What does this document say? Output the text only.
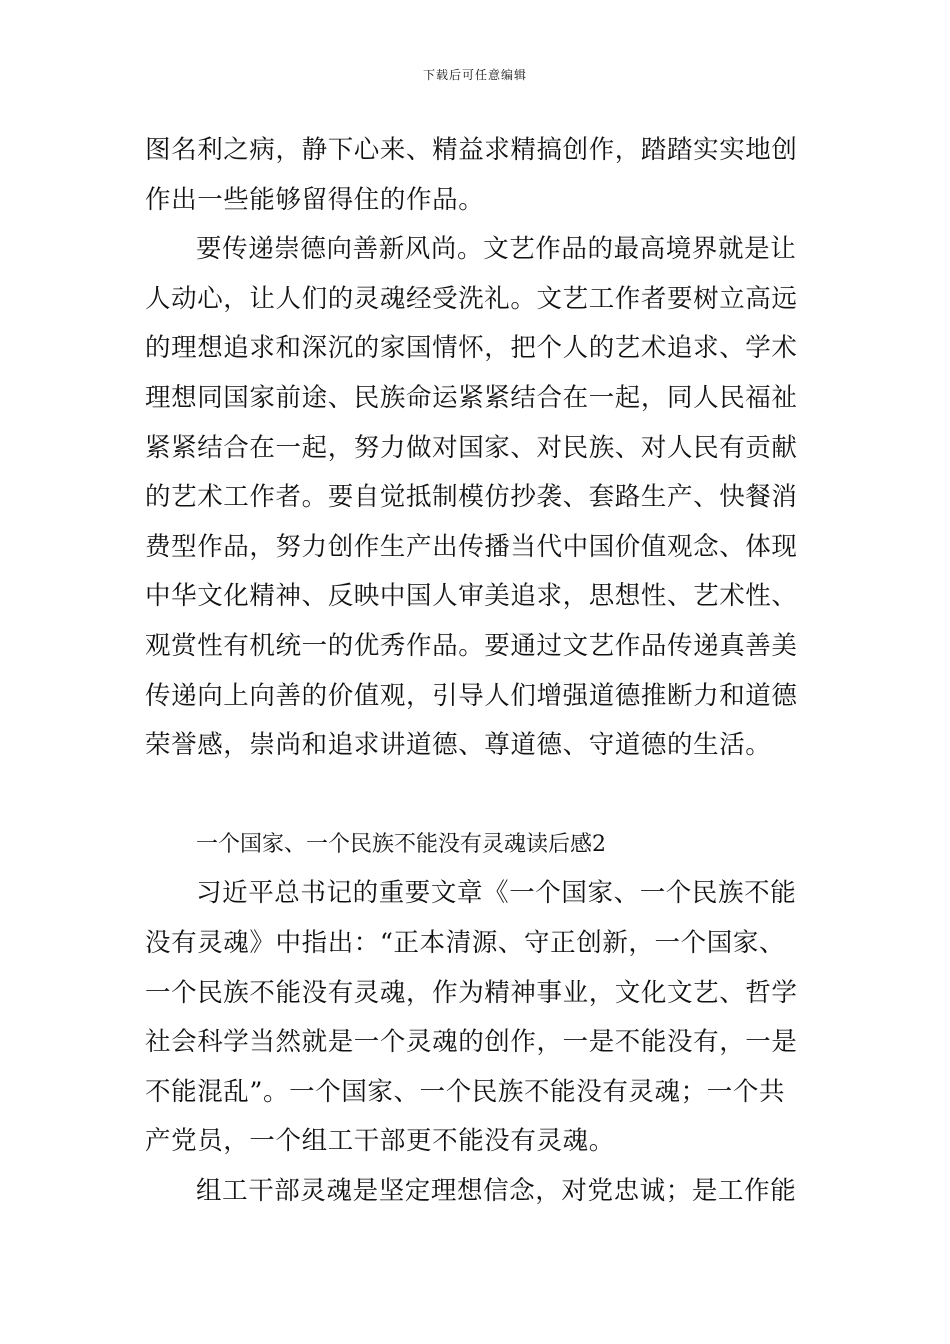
下载后可任意编辑
图名利之病，静下心来、精益求精搞创作，踏踏实实地创
作出一些能够留得住的作品。
要传递崇德向善新风尚。文艺作品的最高境界就是让
人动心，让人们的灵魂经受洗礼。文艺工作者要树立高远
的理想追求和深沉的家国情怀，把个人的艺术追求、学术
理想同国家前途、民族命运紧紧结合在一起，同人民福祉
紧紧结合在一起，努力做对国家、对民族、对人民有贡献
的艺术工作者。要自觉抵制模仿抄袭、套路生产、快餐消
费型作品，努力创作生产出传播当代中国价值观念、体现
中华文化精神、反映中国人审美追求，思想性、艺术性、
观赏性有机统一的优秀作品。要通过文艺作品传递真善美
传递向上向善的价值观，引导人们增强道德推断力和道德
荣誉感，崇尚和追求讲道德、尊道德、守道德的生活。
一个国家、一个民族不能没有灵魂读后感2
习近平总书记的重要文章《一个国家、一个民族不能
没有灵魂》中指出：“正本清源、守正创新，一个国家、
一个民族不能没有灵魂，作为精神事业，文化文艺、哲学
社会科学当然就是一个灵魂的创作，一是不能没有，一是
不能混乱”。一个国家、一个民族不能没有灵魂；一个共
产党员，一个组工干部更不能没有灵魂。
组工干部灵魂是坚定理想信念，对党忠诚；是工作能
